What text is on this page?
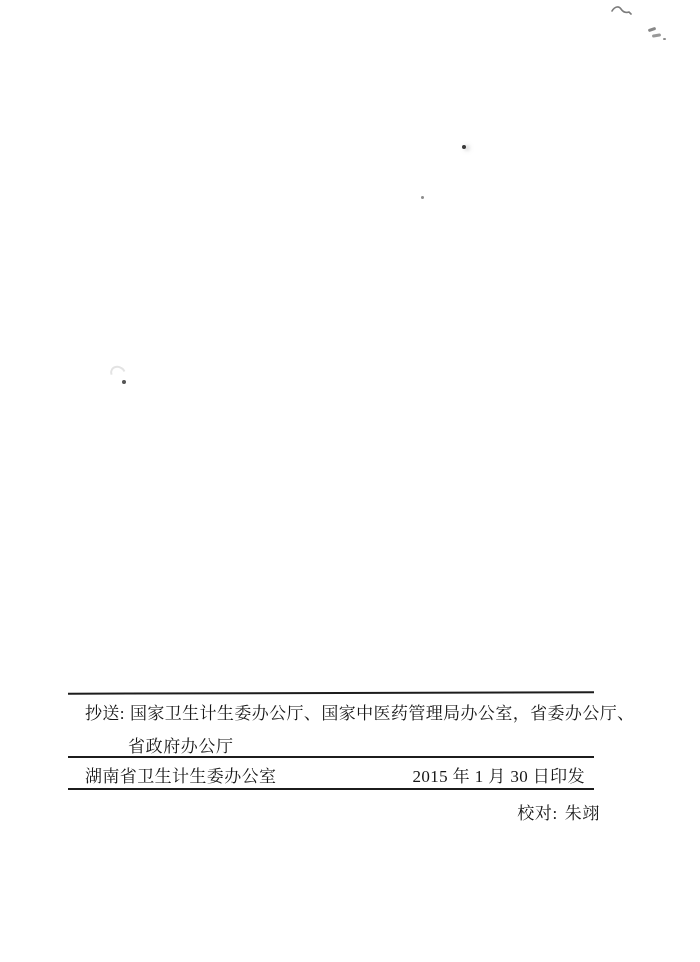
抄送: 国家卫生计生委办公厅、国家中医药管理局办公室，省委办公厅、
省政府办公厅
湖南省卫生计生委办公室	2015 年 1 月 30 日印发
校对: 朱翊
